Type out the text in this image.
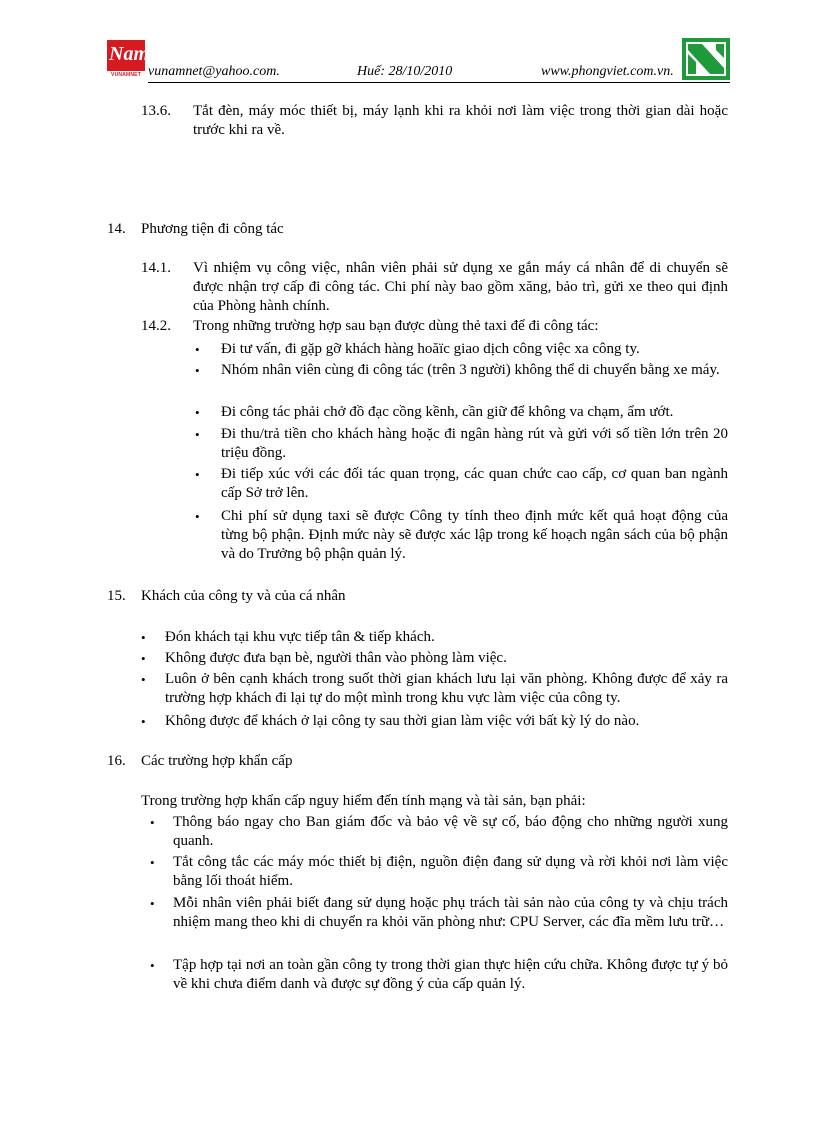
Nam
VUNAMNET vunamnet@yahoo.com.	Huế: 28/10/2010	www.phongviet.com.vn.
13.6. Tắt đèn, máy móc thiết bị, máy lạnh khi ra khỏi nơi làm việc trong thời gian dài hoặc trước khi ra về.
14. Phương tiện đi công tác
14.1. Vì nhiệm vụ công việc, nhân viên phải sử dụng xe gắn máy cá nhân để di chuyển sẽ được nhận trợ cấp đi công tác. Chi phí này bao gồm xăng, bảo trì, gửi xe theo qui định của Phòng hành chính.
14.2. Trong những trường hợp sau bạn được dùng thẻ taxi để đi công tác:
• Đi tư vấn, đi gặp gỡ khách hàng hoăïc giao dịch công việc xa công ty.
• Nhóm nhân viên cùng đi công tác (trên 3 người) không thể di chuyển bằng xe máy.
• Đi công tác phải chở đồ đạc cồng kềnh, cần giữ để không va chạm, ẩm ướt.
• Đi thu/trả tiền cho khách hàng hoặc đi ngân hàng rút và gửi với số tiền lớn trên 20 triệu đồng.
• Đi tiếp xúc với các đối tác quan trọng, các quan chức cao cấp, cơ quan ban ngành cấp Sở trở lên.
• Chi phí sử dụng taxi sẽ được Công ty tính theo định mức kết quả hoạt động của từng bộ phận. Định mức này sẽ được xác lập trong kế hoạch ngân sách của bộ phận và do Trưởng bộ phận quản lý.
15. Khách của công ty và của cá nhân
• Đón khách tại khu vực tiếp tân & tiếp khách.
• Không được đưa bạn bè, người thân vào phòng làm việc.
• Luôn ở bên cạnh khách trong suốt thời gian khách lưu lại văn phòng. Không được để xảy ra trường hợp khách đi lại tự do một mình trong khu vực làm việc của công ty.
• Không được để khách ở lại công ty sau thời gian làm việc với bất kỳ lý do nào.
16. Các trường hợp khẩn cấp
Trong trường hợp khẩn cấp nguy hiểm đến tính mạng và tài sản, bạn phải:
• Thông báo ngay cho Ban giám đốc và bảo vệ về sự cố, báo động cho những người xung quanh.
• Tắt công tắc các máy móc thiết bị điện, nguồn điện đang sử dụng và rời khỏi nơi làm việc bằng lối thoát hiểm.
• Mỗi nhân viên phải biết đang sử dụng hoặc phụ trách tài sản nào của công ty và chịu trách nhiệm mang theo khi di chuyển ra khỏi văn phòng như: CPU Server, các đĩa mềm lưu trữ…
• Tập hợp tại nơi an toàn gần công ty trong thời gian thực hiện cứu chữa. Không được tự ý bỏ về khi chưa điểm danh và được sự đồng ý của cấp quản lý.
